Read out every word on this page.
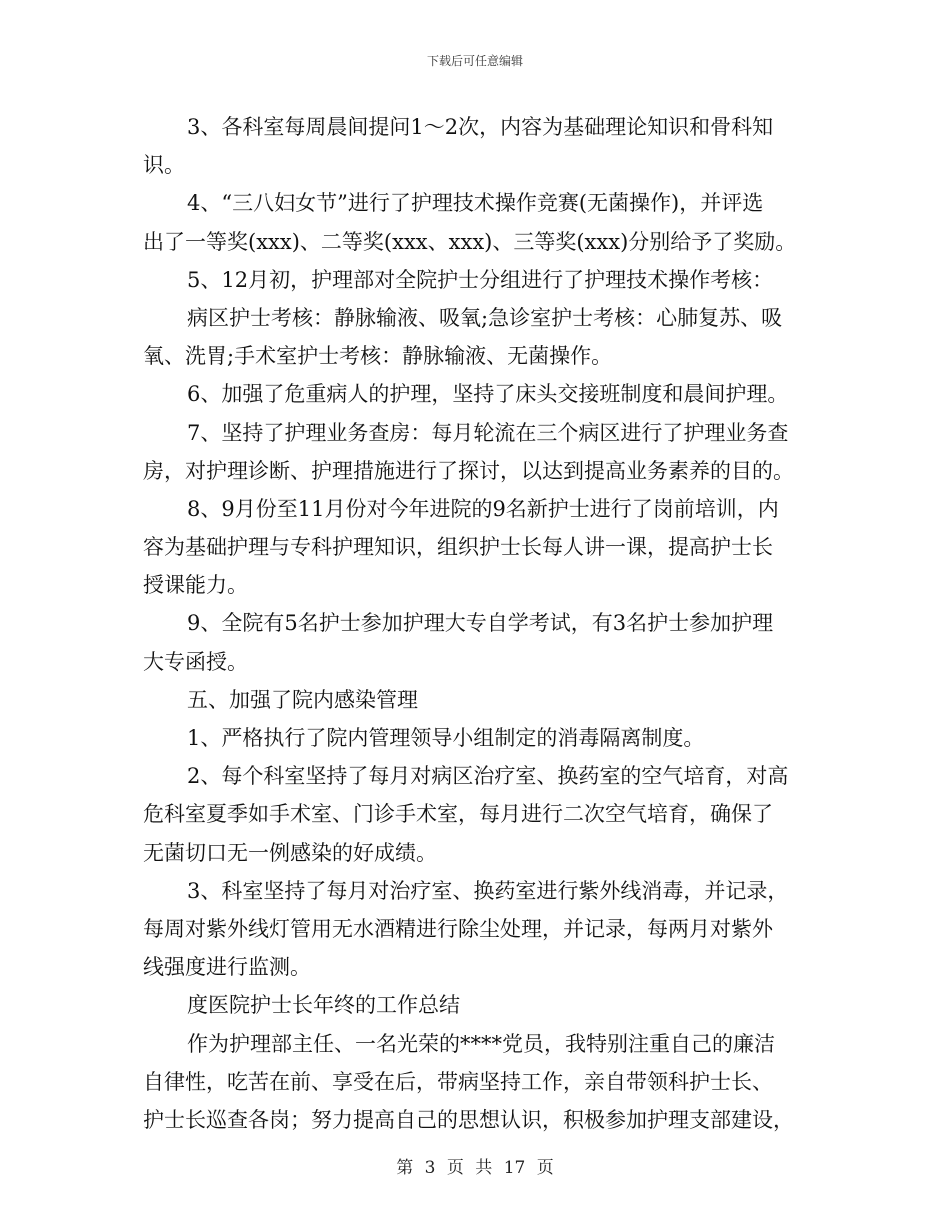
下载后可任意编辑
3、各科室每周晨间提问1～2次，内容为基础理论知识和骨科知
识。
4、“三八妇女节”进行了护理技术操作竞赛(无菌操作)，并评选
出了一等奖(xxx)、二等奖(xxx、xxx)、三等奖(xxx)分别给予了奖励。
5、12月初，护理部对全院护士分组进行了护理技术操作考核：
病区护士考核：静脉输液、吸氧;急诊室护士考核：心肺复苏、吸
氧、洗胃;手术室护士考核：静脉输液、无菌操作。
6、加强了危重病人的护理，坚持了床头交接班制度和晨间护理。
7、坚持了护理业务查房：每月轮流在三个病区进行了护理业务查
房，对护理诊断、护理措施进行了探讨，以达到提高业务素养的目的。
8、9月份至11月份对今年进院的9名新护士进行了岗前培训，内
容为基础护理与专科护理知识，组织护士长每人讲一课，提高护士长
授课能力。
9、全院有5名护士参加护理大专自学考试，有3名护士参加护理
大专函授。
五、加强了院内感染管理
1、严格执行了院内管理领导小组制定的消毒隔离制度。
2、每个科室坚持了每月对病区治疗室、换药室的空气培育，对高
危科室夏季如手术室、门诊手术室，每月进行二次空气培育，确保了
无菌切口无一例感染的好成绩。
3、科室坚持了每月对治疗室、换药室进行紫外线消毒，并记录，
每周对紫外线灯管用无水酒精进行除尘处理，并记录，每两月对紫外
线强度进行监测。
度医院护士长年终的工作总结
作为护理部主任、一名光荣的****党员，我特别注重自己的廉洁
自律性，吃苦在前、享受在后，带病坚持工作，亲自带领科护士长、
护士长巡查各岗；努力提高自己的思想认识，积极参加护理支部建设，
第 3 页 共 17 页
